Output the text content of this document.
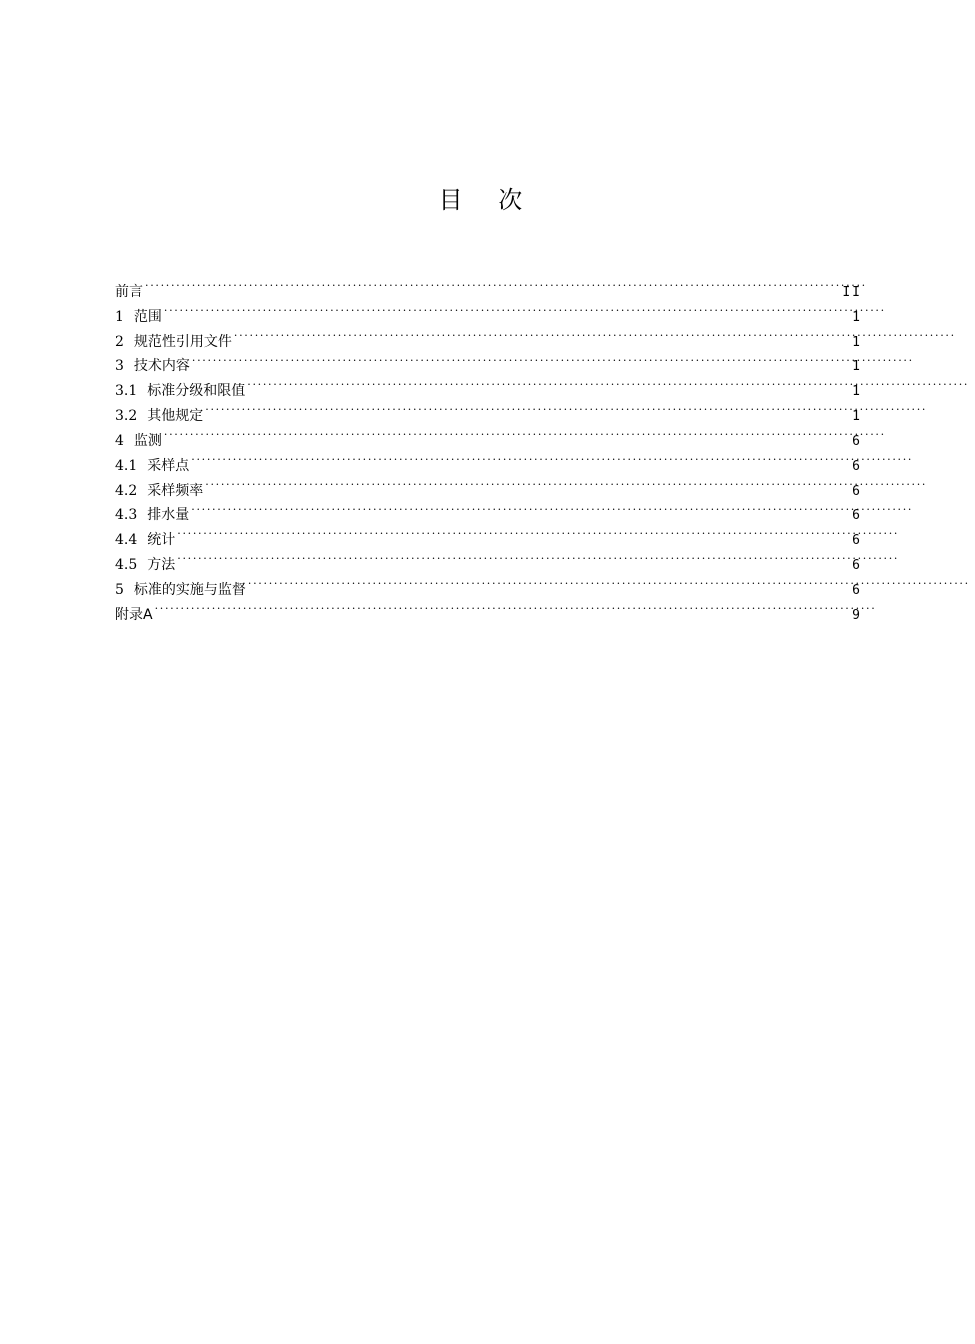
目 次
前言 . . .	II
1 范围 . . .	1
2 规范性引用文件 . . .	1
3 技术内容 . . .	1
3.1 标准分级和限值 . . .	1
3.2 其他规定 . . .	1
4 监测 . . .	6
4.1 采样点 . . .	6
4.2 采样频率 . . .	6
4.3 排水量 . . .	6
4.4 统计 . . .	6
4.5 方法 . . .	6
5 标准的实施与监督 . . .	6
附录A . . .	9
